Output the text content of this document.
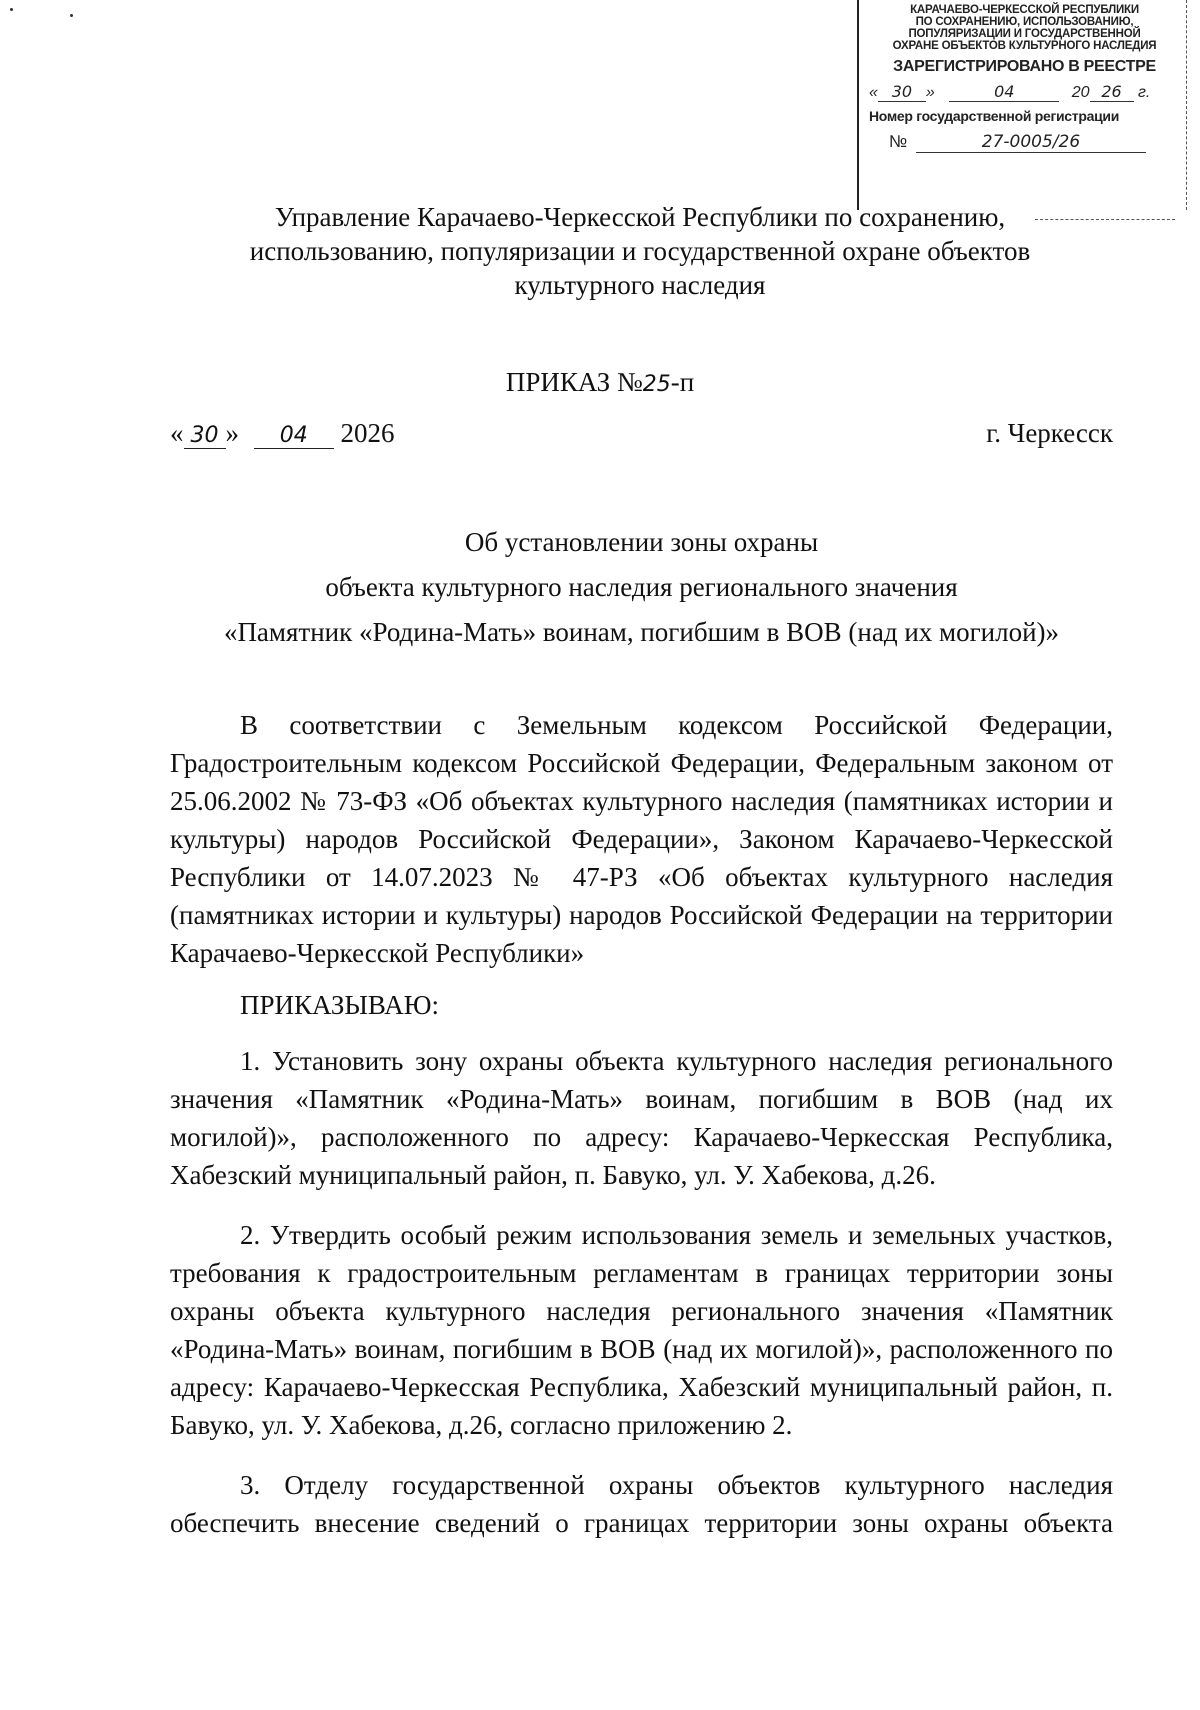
КАРАЧАЕВО-ЧЕРКЕССКОЙ РЕСПУБЛИКИ
ПО СОХРАНЕНИЮ, ИСПОЛЬЗОВАНИЮ,
ПОПУЛЯРИЗАЦИИ И ГОСУДАРСТВЕННОЙ
ОХРАНЕ ОБЪЕКТОВ КУЛЬТУРНОГО НАСЛЕДИЯ
ЗАРЕГИСТРИРОВАНО В РЕЕСТРЕ
« 30 »	04	20 26 г.
Номер государственной регистрации
№	27-0005/26
Управление Карачаево-Черкесской Республики по сохранению,
использованию, популяризации и государственной охране объектов
культурного наследия
ПРИКАЗ №25-п
« 30 » 04 2026	г. Черкесск
Об установлении зоны охраны
объекта культурного наследия регионального значения
«Памятник «Родина-Мать» воинам, погибшим в ВОВ (над их могилой)»

В соответствии с Земельным кодексом Российской Федерации, Градостроительным кодексом Российской Федерации, Федеральным законом от 25.06.2002 № 73-ФЗ «Об объектах культурного наследия (памятниках истории и культуры) народов Российской Федерации», Законом Карачаево-Черкесской Республики от 14.07.2023 № 47-РЗ «Об объектах культурного наследия (памятниках истории и культуры) народов Российской Федерации на территории Карачаево-Черкесской Республики»

ПРИКАЗЫВАЮ:

1. Установить зону охраны объекта культурного наследия регионального значения «Памятник «Родина-Мать» воинам, погибшим в ВОВ (над их могилой)», расположенного по адресу: Карачаево-Черкесская Республика, Хабезский муниципальный район, п. Бавуко, ул. У. Хабекова, д.26.

2. Утвердить особый режим использования земель и земельных участков, требования к градостроительным регламентам в границах территории зоны охраны объекта культурного наследия регионального значения «Памятник «Родина-Мать» воинам, погибшим в ВОВ (над их могилой)», расположенного по адресу: Карачаево-Черкесская Республика, Хабезский муниципальный район, п. Бавуко, ул. У. Хабекова, д.26, согласно приложению 2.

3. Отделу государственной охраны объектов культурного наследия обеспечить внесение сведений о границах территории зоны охраны объекта
